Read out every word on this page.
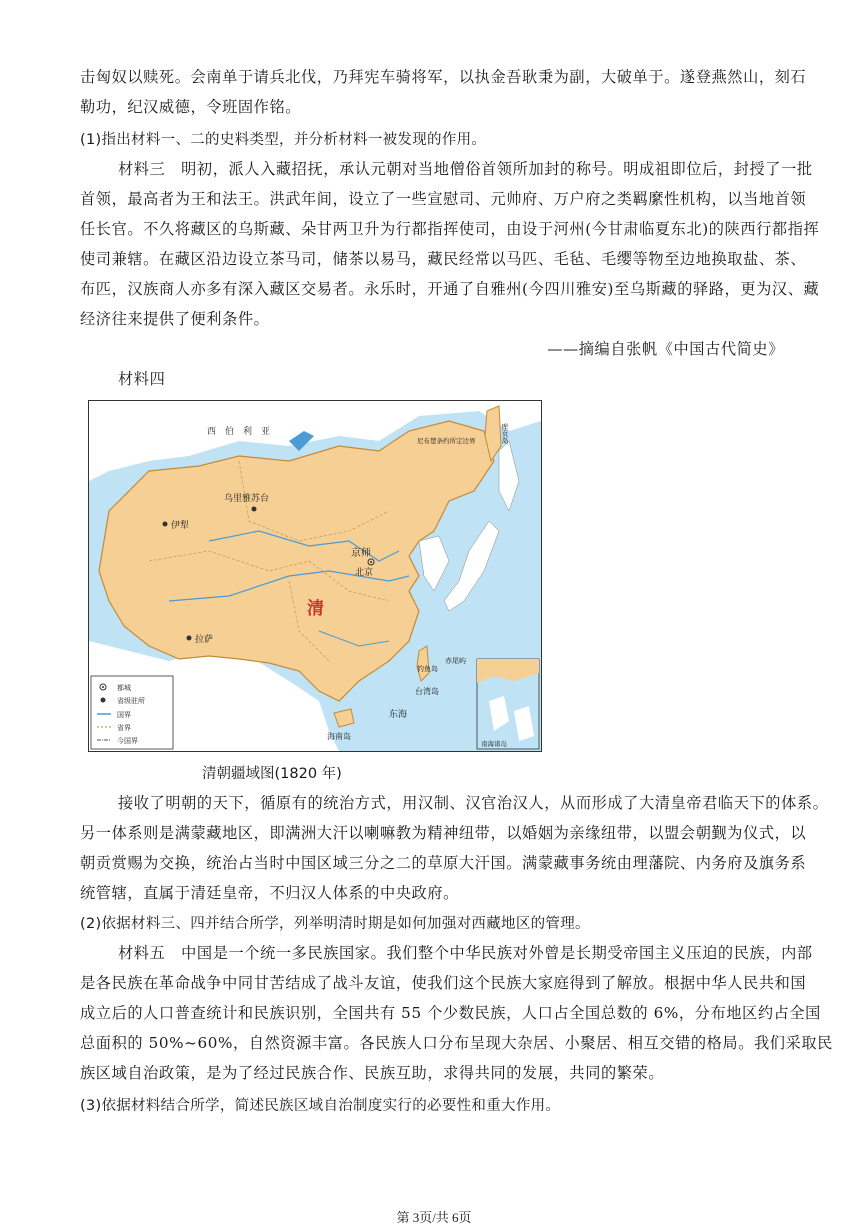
击匈奴以赎死。会南单于请兵北伐，乃拜宪车骑将军，以执金吾耿秉为副，大破单于。遂登燕然山，刻石
勒功，纪汉威德，令班固作铭。
(1)指出材料一、二的史料类型，并分析材料一被发现的作用。
材料三　明初，派人入藏招抚，承认元朝对当地僧俗首领所加封的称号。明成祖即位后，封授了一批
首领，最高者为王和法王。洪武年间，设立了一些宣慰司、元帅府、万户府之类羁縻性机构，以当地首领
任长官。不久将藏区的乌斯藏、朵甘两卫升为行都指挥使司，由设于河州(今甘肃临夏东北)的陕西行都指挥
使司兼辖。在藏区沿边设立茶马司，储茶以易马，藏民经常以马匹、毛毡、毛缨等物至边地换取盐、茶、
布匹，汉族商人亦多有深入藏区交易者。永乐时，开通了自雅州(今四川雅安)至乌斯藏的驿路，更为汉、藏
经济往来提供了便利条件。
——摘编自张帆《中国古代简史》
材料四
西　伯　利　亚
清
京师
北京
伊犁
乌里雅苏台
拉萨
台湾岛
海南岛
东海
库页岛
钓鱼岛
赤尾屿
尼布楚条约所定边界
都城
省级驻所
国界
省界
今国界	南海诸岛
清朝疆域图(1820 年)
接收了明朝的天下，循原有的统治方式，用汉制、汉官治汉人，从而形成了大清皇帝君临天下的体系。
另一体系则是满蒙藏地区，即满洲大汗以喇嘛教为精神纽带，以婚姻为亲缘纽带，以盟会朝觐为仪式，以
朝贡赏赐为交换，统治占当时中国区域三分之二的草原大汗国。满蒙藏事务统由理藩院、内务府及旗务系
统管辖，直属于清廷皇帝，不归汉人体系的中央政府。
(2)依据材料三、四并结合所学，列举明清时期是如何加强对西藏地区的管理。
材料五　中国是一个统一多民族国家。我们整个中华民族对外曾是长期受帝国主义压迫的民族，内部
是各民族在革命战争中同甘苦结成了战斗友谊，使我们这个民族大家庭得到了解放。根据中华人民共和国
成立后的人口普查统计和民族识别，全国共有 55 个少数民族，人口占全国总数的 6%，分布地区约占全国
总面积的 50%~60%，自然资源丰富。各民族人口分布呈现大杂居、小聚居、相互交错的格局。我们采取民
族区域自治政策，是为了经过民族合作、民族互助，求得共同的发展，共同的繁荣。
(3)依据材料结合所学，简述民族区域自治制度实行的必要性和重大作用。
第 3页/共 6页
